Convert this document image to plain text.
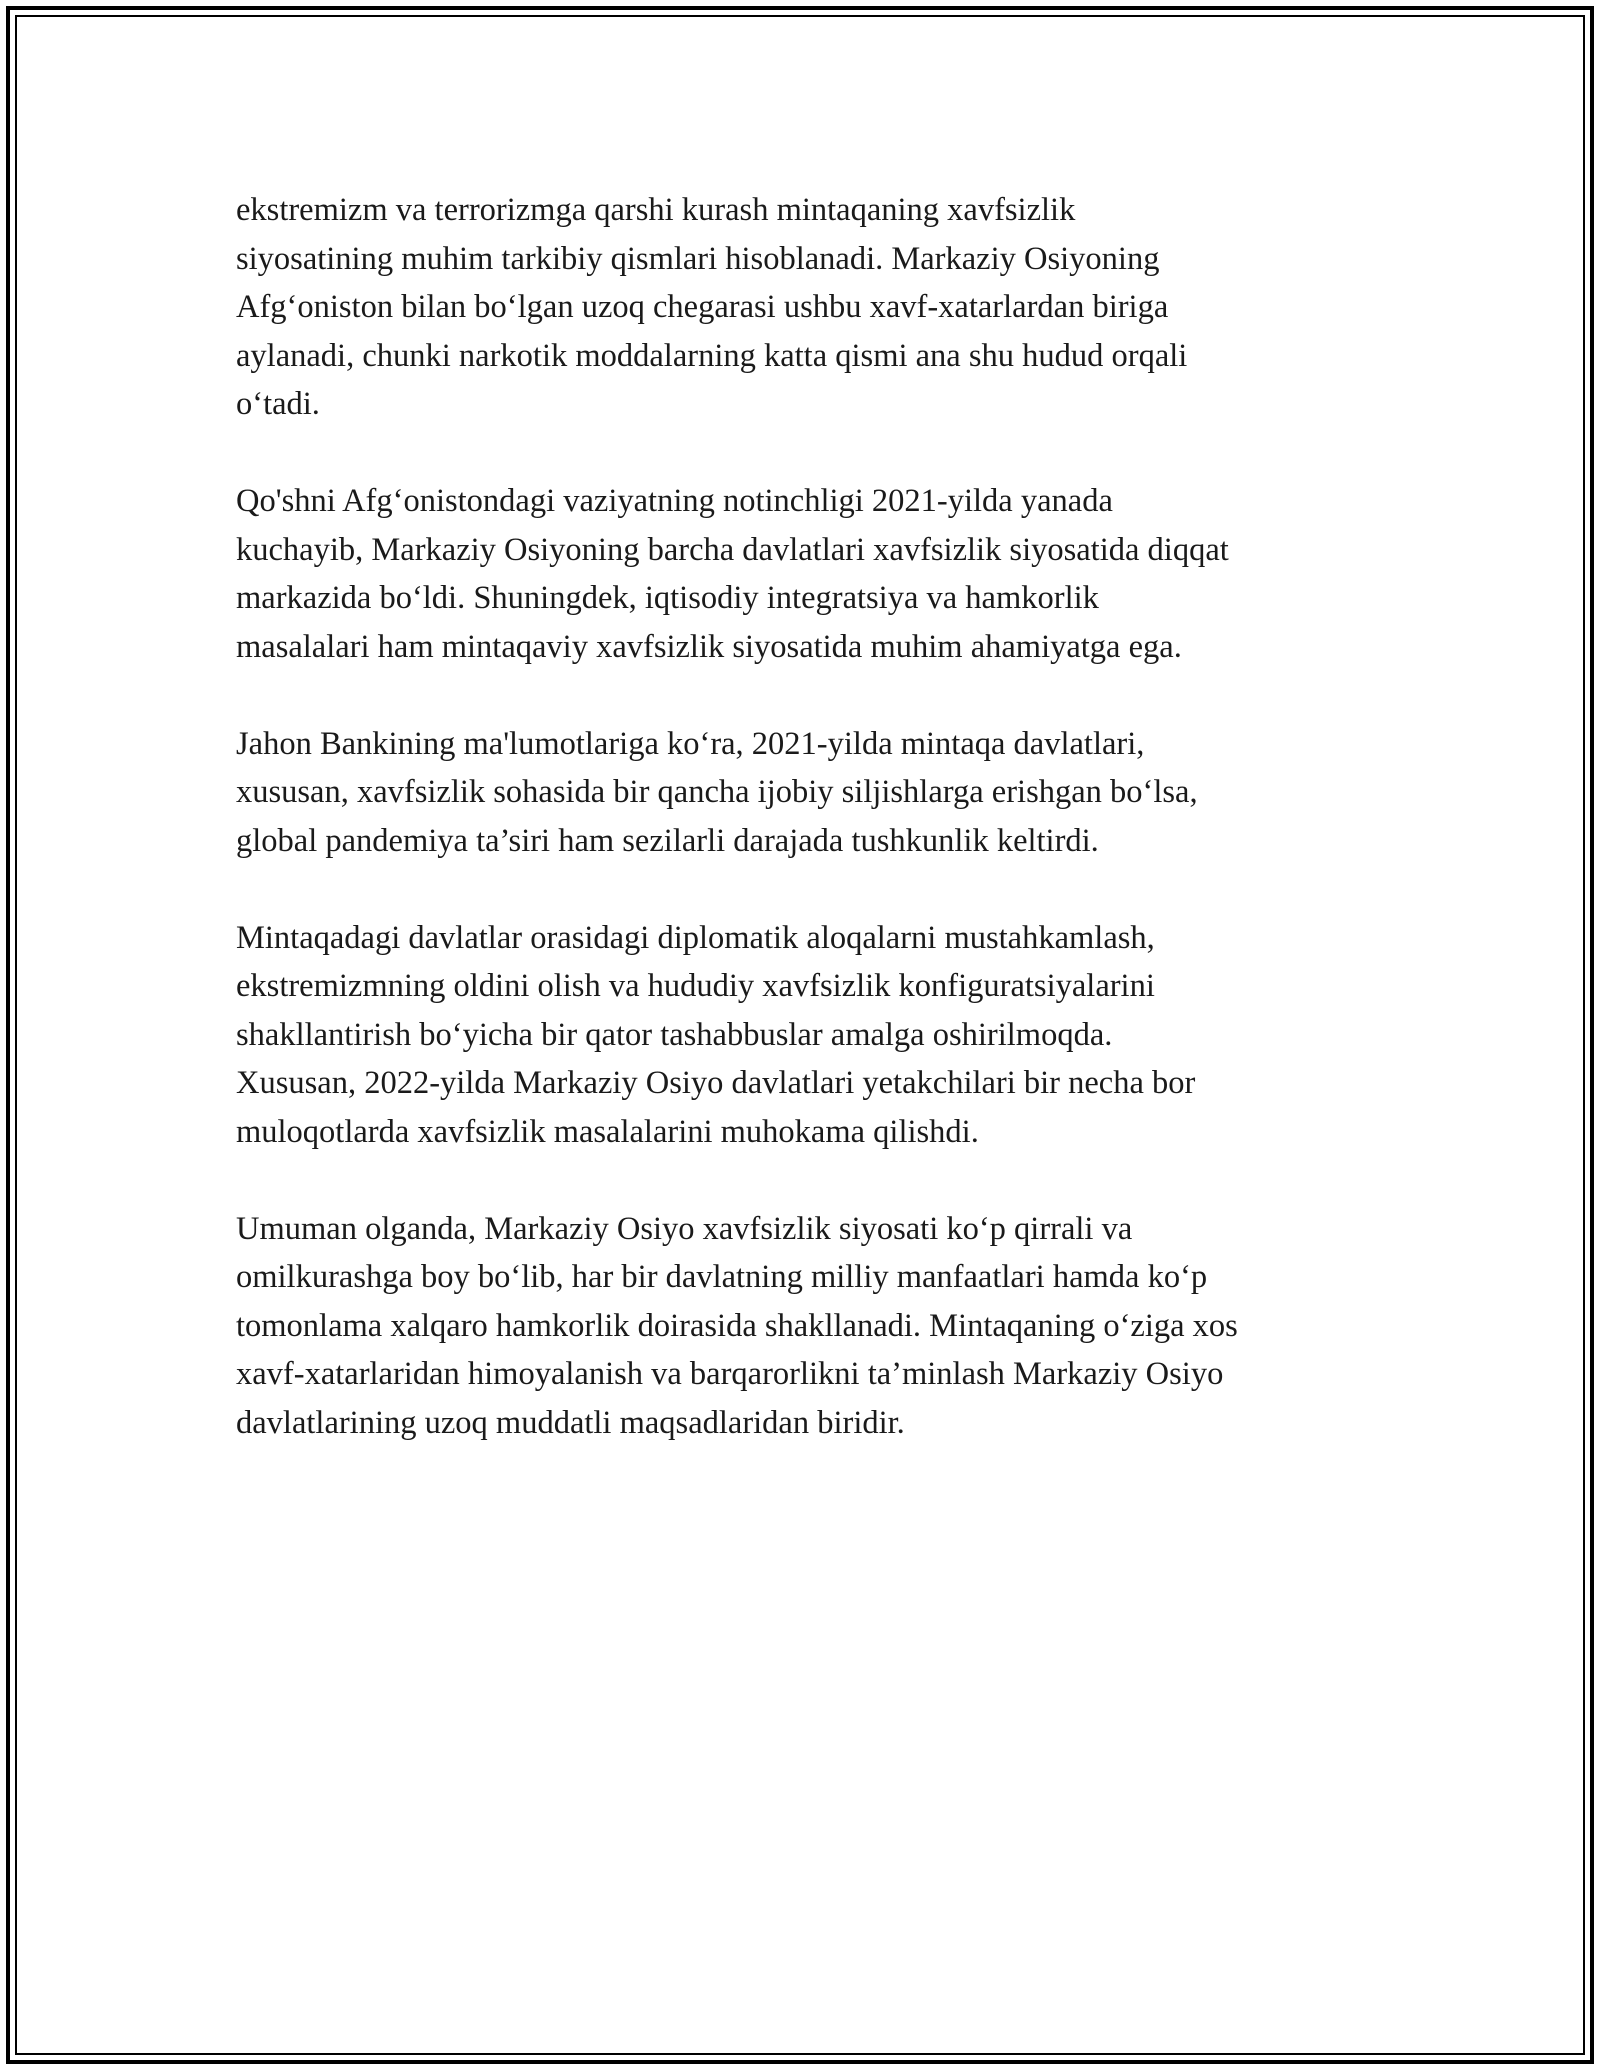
ekstremizm va terrorizmga qarshi kurash mintaqaning xavfsizlik
siyosatining muhim tarkibiy qismlari hisoblanadi. Markaziy Osiyoning
Afg‘oniston bilan bo‘lgan uzoq chegarasi ushbu xavf-xatarlardan biriga
aylanadi, chunki narkotik moddalarning katta qismi ana shu hudud orqali
o‘tadi.

Qo'shni Afg‘onistondagi vaziyatning notinchligi 2021-yilda yanada
kuchayib, Markaziy Osiyoning barcha davlatlari xavfsizlik siyosatida diqqat
markazida bo‘ldi. Shuningdek, iqtisodiy integratsiya va hamkorlik
masalalari ham mintaqaviy xavfsizlik siyosatida muhim ahamiyatga ega.

Jahon Bankining ma'lumotlariga ko‘ra, 2021-yilda mintaqa davlatlari,
xususan, xavfsizlik sohasida bir qancha ijobiy siljishlarga erishgan bo‘lsa,
global pandemiya ta’siri ham sezilarli darajada tushkunlik keltirdi.

Mintaqadagi davlatlar orasidagi diplomatik aloqalarni mustahkamlash,
ekstremizmning oldini olish va hududiy xavfsizlik konfiguratsiyalarini
shakllantirish bo‘yicha bir qator tashabbuslar amalga oshirilmoqda.
Xususan, 2022-yilda Markaziy Osiyo davlatlari yetakchilari bir necha bor
muloqotlarda xavfsizlik masalalarini muhokama qilishdi.

Umuman olganda, Markaziy Osiyo xavfsizlik siyosati ko‘p qirrali va
omilkurashga boy bo‘lib, har bir davlatning milliy manfaatlari hamda ko‘p
tomonlama xalqaro hamkorlik doirasida shakllanadi. Mintaqaning o‘ziga xos
xavf-xatarlaridan himoyalanish va barqarorlikni ta’minlash Markaziy Osiyo
davlatlarining uzoq muddatli maqsadlaridan biridir.
